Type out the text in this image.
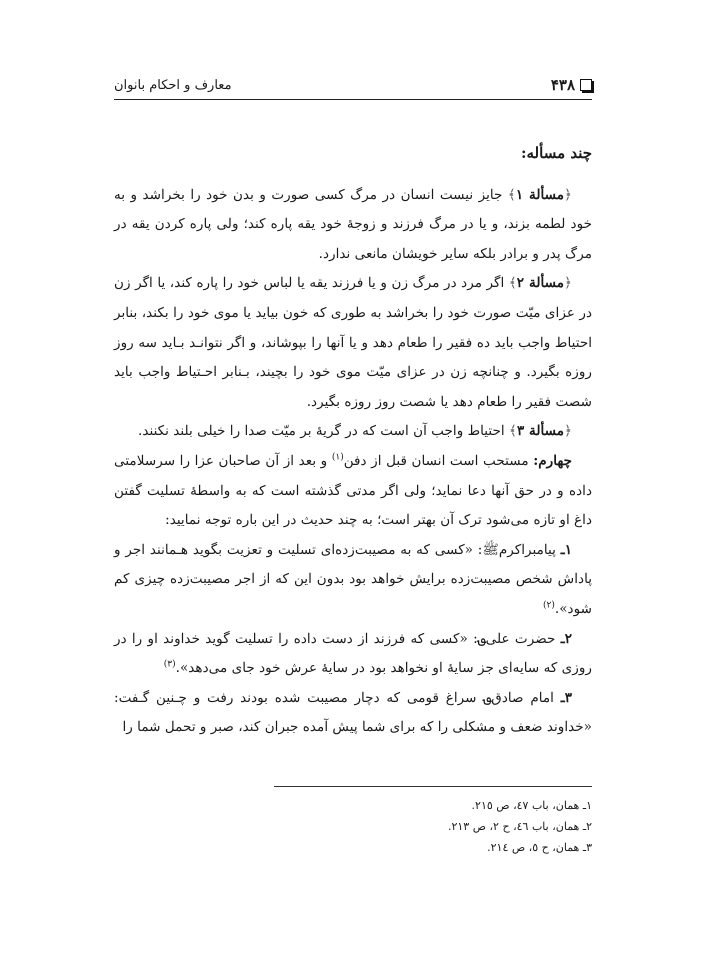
۴۳۸
معارف و احکام بانوان

چند مسأله:

﴿مسألة ۱﴾ جایز نیست انسان در مرگ کسی صورت و بدن خود را بخراشد و به خود لطمه بزند، و یا در مرگ فرزند و زوجهٔ خود یقه پاره کند؛ ولی پاره کردن یقه در مرگ پدر و برادر بلکه سایر خویشان مانعی ندارد.

﴿مسألة ۲﴾ اگر مرد در مرگ زن و یا فرزند یقه یا لباس خود را پاره کند، یا اگر زن در عزای میّت صورت خود را بخراشد به طوری که خون بیاید یا موی خود را بکند، بنابر احتیاط واجب باید ده فقیر را طعام دهد و یا آنها را بپوشاند، و اگر نتوانـد بـاید سه روز روزه بگیرد. و چنانچه زن در عزای میّت موی خود را بچیند، بـنابر احـتیاط واجب باید شصت فقیر را طعام دهد یا شصت روز روزه بگیرد.

﴿مسألة ۳﴾ احتیاط واجب آن است که در گریهٔ بر میّت صدا را خیلی بلند نکنند.

چهارم: مستحب است انسان قبل از دفن$^{(۱)}$ و بعد از آن صاحبان عزا را سرسلامتی داده و در حق آنها دعا نماید؛ ولی اگر مدتی گذشته است که به واسطهٔ تسلیت گفتن داغ او تازه می‌شود ترک آن بهتر است؛ به چند حدیث در این باره توجه نمایید:

۱ـ پیامبراکرمﷺ: «کسی که به مصیبت‌زده‌ای تسلیت و تعزیت بگوید هـمانند اجر و پاداش شخص مصیبت‌زده برایش خواهد بود بدون این که از اجر مصیبت‌زده چیزی کم شود».$^{(۲)}$

۲ـ حضرت علی؈: «کسی که فرزند از دست داده را تسلیت گوید خداوند او را در روزی که سایه‌ای جز سایهٔ او نخواهد بود در سایهٔ عرش خود جای می‌دهد».$^{(۳)}$

۳ـ امام صادق؈ سراغ قومی که دچار مصیبت شده بودند رفت و چـنین گـفت: «خداوند ضعف و مشکلی را که برای شما پیش آمده جبران کند، صبر و تحمل شما را

۱ـ همان، باب ٤٧، ص ٢١٥.

۲ـ همان، باب ٤٦، ح ٢، ص ٢١٣.

۳ـ همان، ح ٥، ص ٢١٤.
